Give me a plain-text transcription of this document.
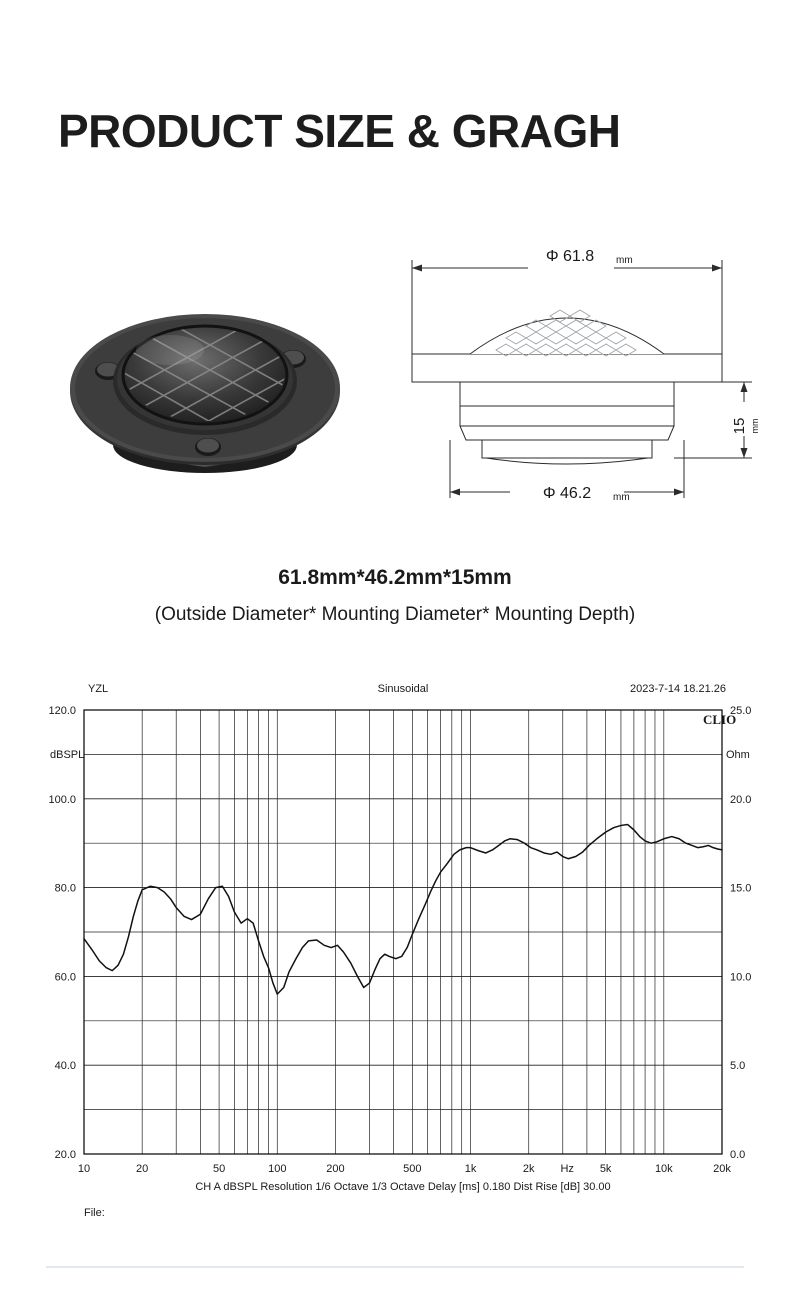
PRODUCT SIZE & GRAGH
Φ 61.8 mm
Φ 46.2 mm
15 mm
61.8mm*46.2mm*15mm
(Outside Diameter* Mounting Diameter* Mounting Depth)
YZL	Sinusoidal	2023-7-14 18.21.26
dBSPL	Ohm
CLIO
CH A dBSPL Resolution 1/6 Octave 1/3 Octave Delay [ms] 0.180 Dist Rise [dB] 30.00
File:
120.0
100.0
80.0
60.0
40.0
20.0
25.0
20.0
15.0
10.0
5.0
0.0
10	20	50	100	200	500	1k	2k	5k	10k	20k
Hz
